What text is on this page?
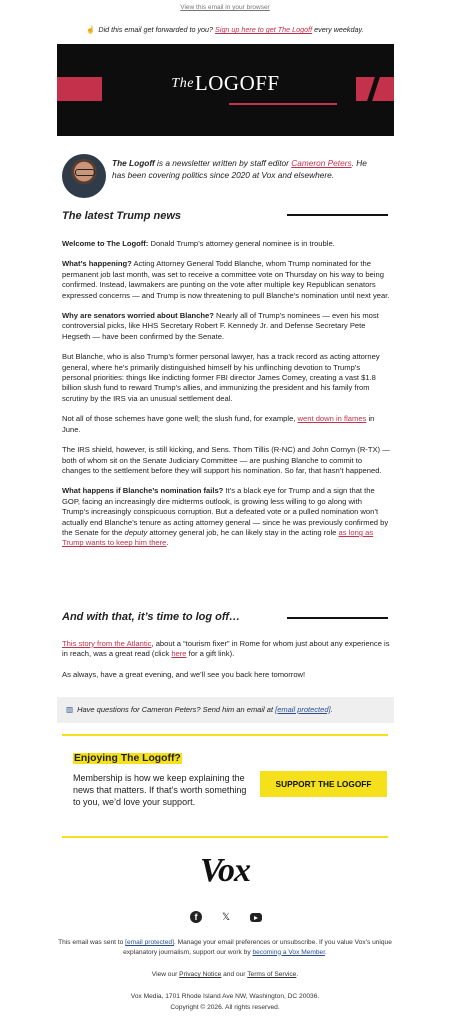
View this email in your browser
☝ Did this email get forwarded to you? Sign up here to get The Logoff every weekday.
TheLOGOFF

The Logoff is a newsletter written by staff editor Cameron Peters. He has been covering politics since 2020 at Vox and elsewhere.

The latest Trump news

Welcome to The Logoff: Donald Trump’s attorney general nominee is in trouble.

What’s happening? Acting Attorney General Todd Blanche, whom Trump nominated for the permanent job last month, was set to receive a committee vote on Thursday on his way to being confirmed. Instead, lawmakers are punting on the vote after multiple key Republican senators expressed concerns — and Trump is now threatening to pull Blanche’s nomination until next year.

Why are senators worried about Blanche? Nearly all of Trump’s nominees — even his most controversial picks, like HHS Secretary Robert F. Kennedy Jr. and Defense Secretary Pete Hegseth — have been confirmed by the Senate.

But Blanche, who is also Trump’s former personal lawyer, has a track record as acting attorney general, where he’s primarily distinguished himself by his unflinching devotion to Trump’s personal priorities: things like indicting former FBI director James Comey, creating a vast $1.8 billion slush fund to reward Trump’s allies, and immunizing the president and his family from scrutiny by the IRS via an unusual settlement deal.

Not all of those schemes have gone well; the slush fund, for example, went down in flames in June.

The IRS shield, however, is still kicking, and Sens. Thom Tillis (R-NC) and John Cornyn (R-TX) — both of whom sit on the Senate Judiciary Committee — are pushing Blanche to commit to changes to the settlement before they will support his nomination. So far, that hasn’t happened.

What happens if Blanche’s nomination fails? It’s a black eye for Trump and a sign that the GOP, facing an increasingly dire midterms outlook, is growing less willing to go along with Trump’s increasingly conspicuous corruption. But a defeated vote or a pulled nomination won’t actually end Blanche’s tenure as acting attorney general — since he was previously confirmed by the Senate for the deputy attorney general job, he can likely stay in the acting role as long as Trump wants to keep him there.

And with that, it’s time to log off…

This story from the Atlantic, about a “tourism fixer” in Rome for whom just about any experience is in reach, was a great read (click here for a gift link).

As always, have a great evening, and we’ll see you back here tomorrow!

▥ Have questions for Cameron Peters? Send him an email at [email protected].
Enjoying The Logoff?
Membership is how we keep explaining the news that matters. If that’s worth something to you, we’d love your support.
SUPPORT THE LOGOFF
Vox
f	𝕏
This email was sent to [email protected]. Manage your email preferences or unsubscribe. If you value Vox’s unique explanatory journalism, support our work by becoming a Vox Member.
View our Privacy Notice and our Terms of Service.
Vox Media, 1701 Rhode Island Ave NW, Washington, DC 20036.
Copyright © 2026. All rights reserved.
